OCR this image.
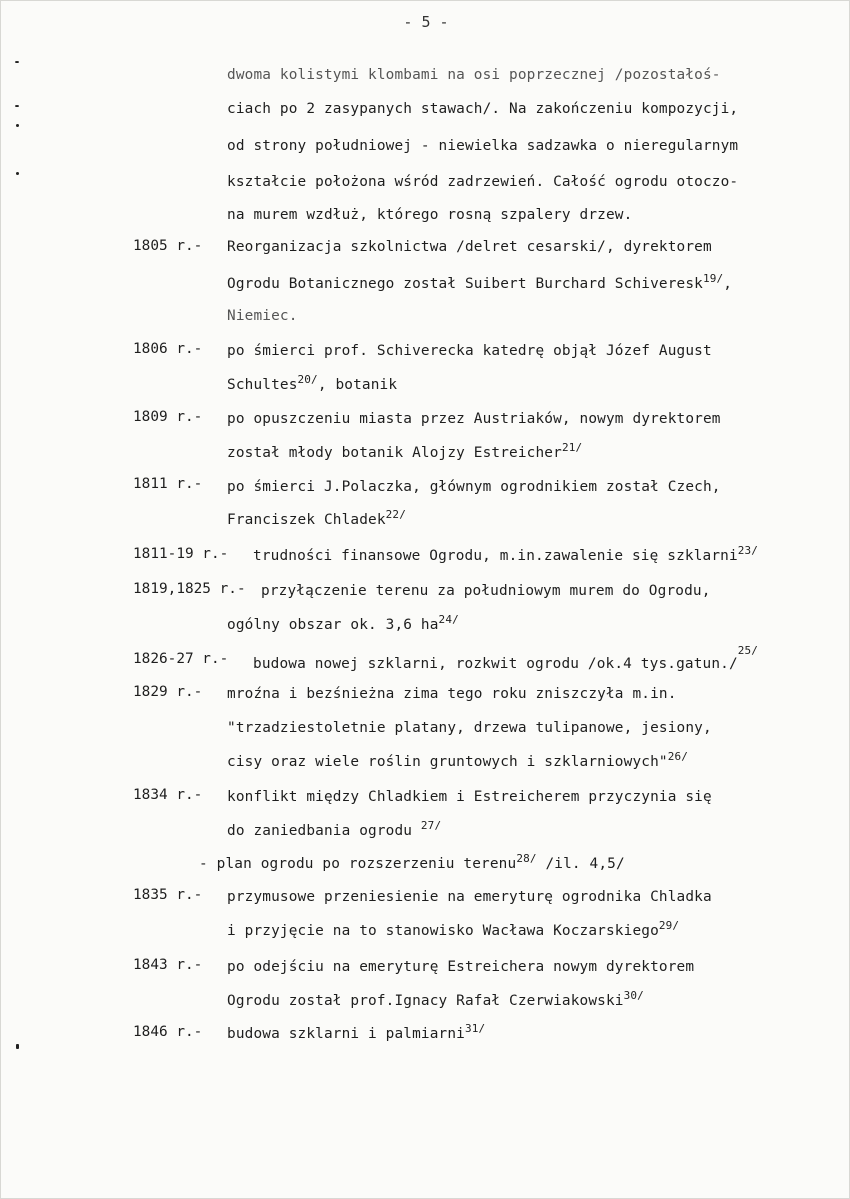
- 5 -
dwoma kolistymi klombami na osi poprzecznej /pozostałoś-
ciach po 2 zasypanych stawach/. Na zakończeniu kompozycji,
od strony południowej - niewielka sadzawka o nieregularnym
kształcie położona wśród zadrzewień. Całość ogrodu otoczo-
na murem wzdłuż, którego rosną szpalery drzew.
1805 r.- Reorganizacja szkolnictwa /delret cesarski/, dyrektorem
Ogrodu Botanicznego został Suibert Burchard Schiveresk$^{19/}$,
Niemiec.
1806 r.- po śmierci prof. Schiverecka katedrę objął Józef August
Schultes$^{20/}$, botanik
1809 r.- po opuszczeniu miasta przez Austriaków, nowym dyrektorem
został młody botanik Alojzy Estreicher$^{21/}$
1811 r.- po śmierci J.Polaczka, głównym ogrodnikiem został Czech,
Franciszek Chladek$^{22/}$
1811-19 r.- trudności finansowe Ogrodu, m.in.zawalenie się szklarni$^{23/}$
1819,1825 r.- przyłączenie terenu za południowym murem do Ogrodu,
ogólny obszar ok. 3,6 $ha^{24/}$
1826-27 r.- budowa nowej szklarni, rozkwit ogrodu /ok.4 tys.gatun./$^{25/}$
1829 r.- mroźna i bezśnieżna zima tego roku zniszczyła m.in.
"trzadziestoletnie platany, drzewa tulipanowe, jesiony,
cisy oraz wiele roślin gruntowych i szklarniowych"$^{26/}$
1834 r.- konflikt między Chladkiem i Estreicherem przyczynia się
do zaniedbania ogrodu $^{27/}$
- plan ogrodu po rozszerzeniu terenu$^{28/}$ /il. 4,5/
1835 r.- przymusowe przeniesienie na emeryturę ogrodnika Chladka
i przyjęcie na to stanowisko Wacława Koczarskiego$^{29/}$
1843 r.- po odejściu na emeryturę Estreichera nowym dyrektorem
Ogrodu został prof.Ignacy Rafał Czerwiakowski$^{30/}$
1846 r.- budowa szklarni i palmiarni$^{31/}$
